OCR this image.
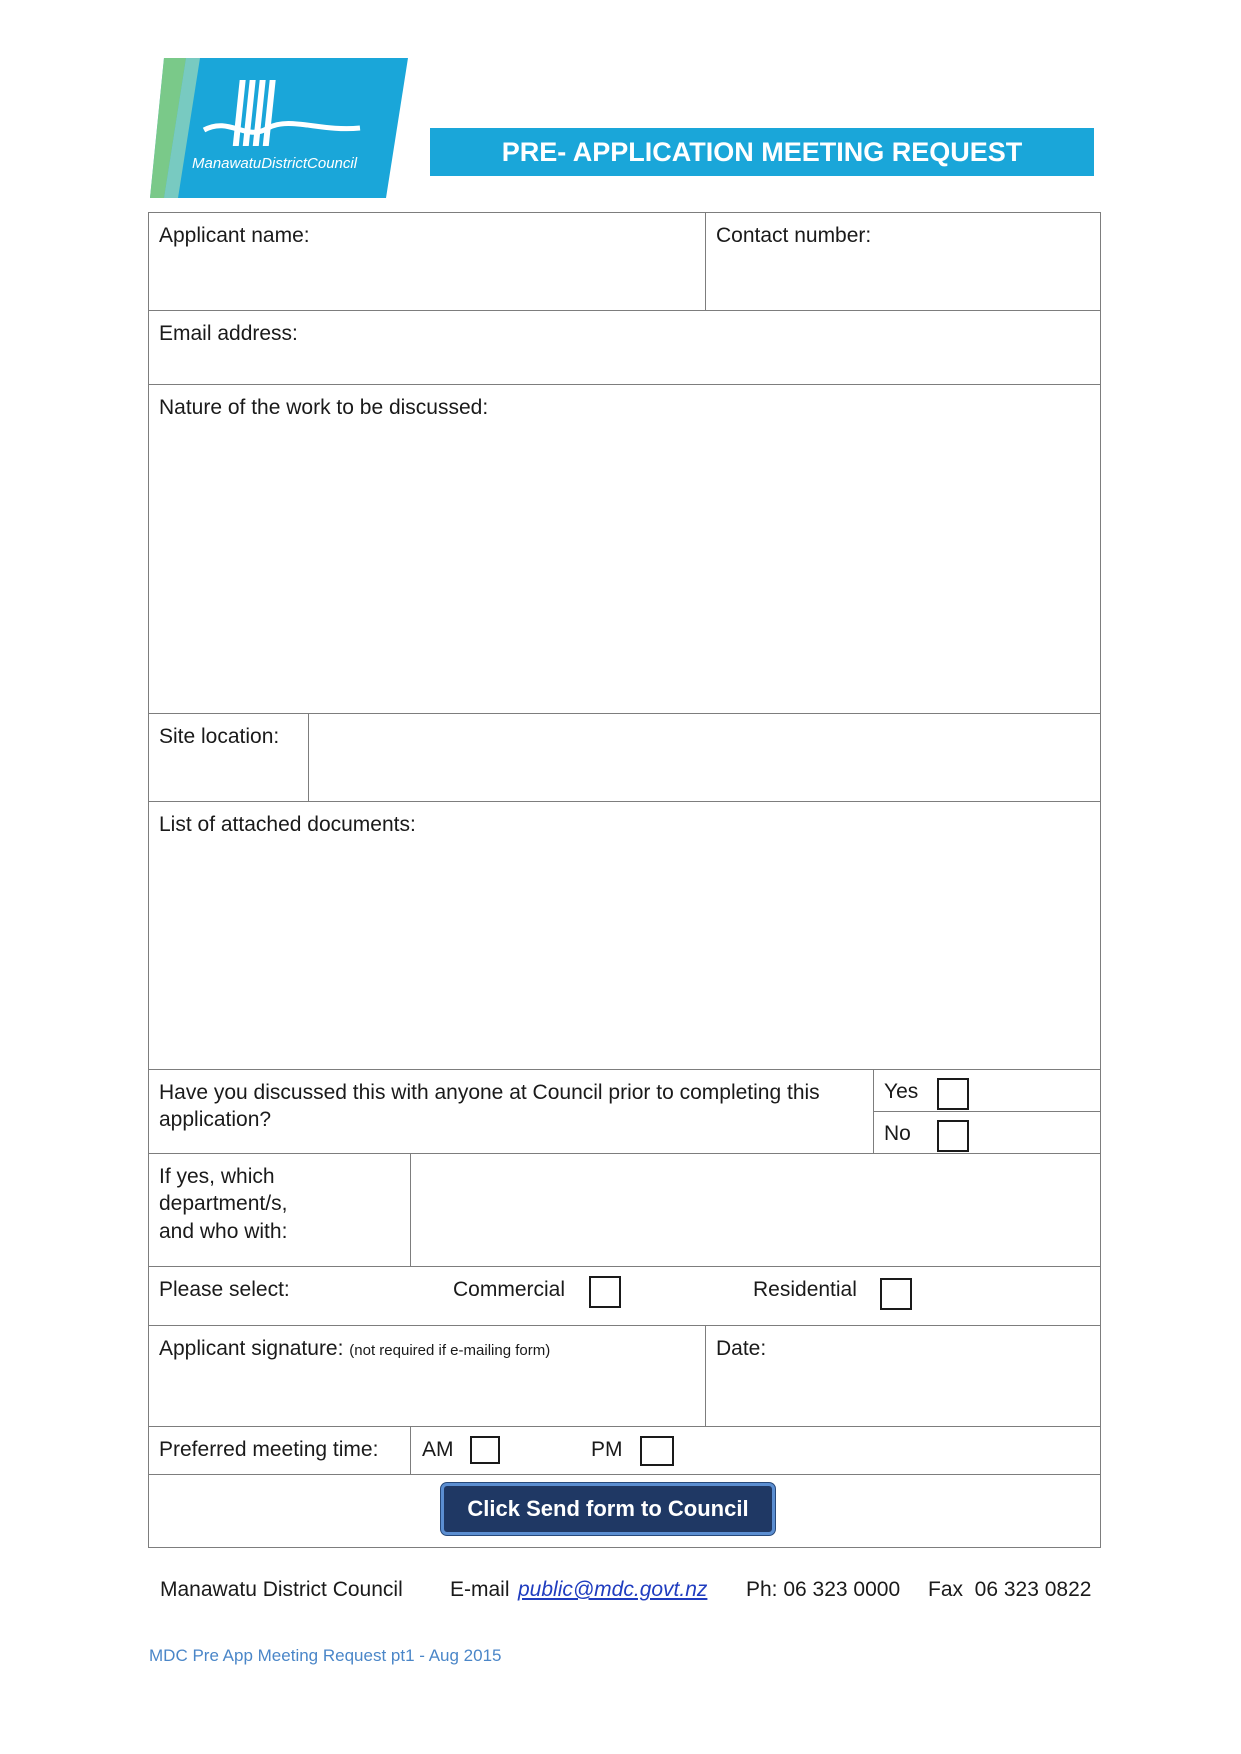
ManawatuDistrictCouncil	PRE- APPLICATION MEETING REQUEST
Applicant name:	Contact number:
Email address:
Nature of the work to be discussed:
Site location:
List of attached documents:
Have you discussed this with anyone at Council prior to completing this application?
Yes
No
If yes, which
department/s,
and who with:
Please select:	Commercial	Residential
Applicant signature: (not required if e-mailing form)	Date:
Preferred meeting time:	AM	PM
Click Send form to Council
Manawatu District Council E-mail public@mdc.govt.nz Ph: 06 323 0000 Fax  06 323 0822
MDC Pre App Meeting Request pt1 - Aug 2015
